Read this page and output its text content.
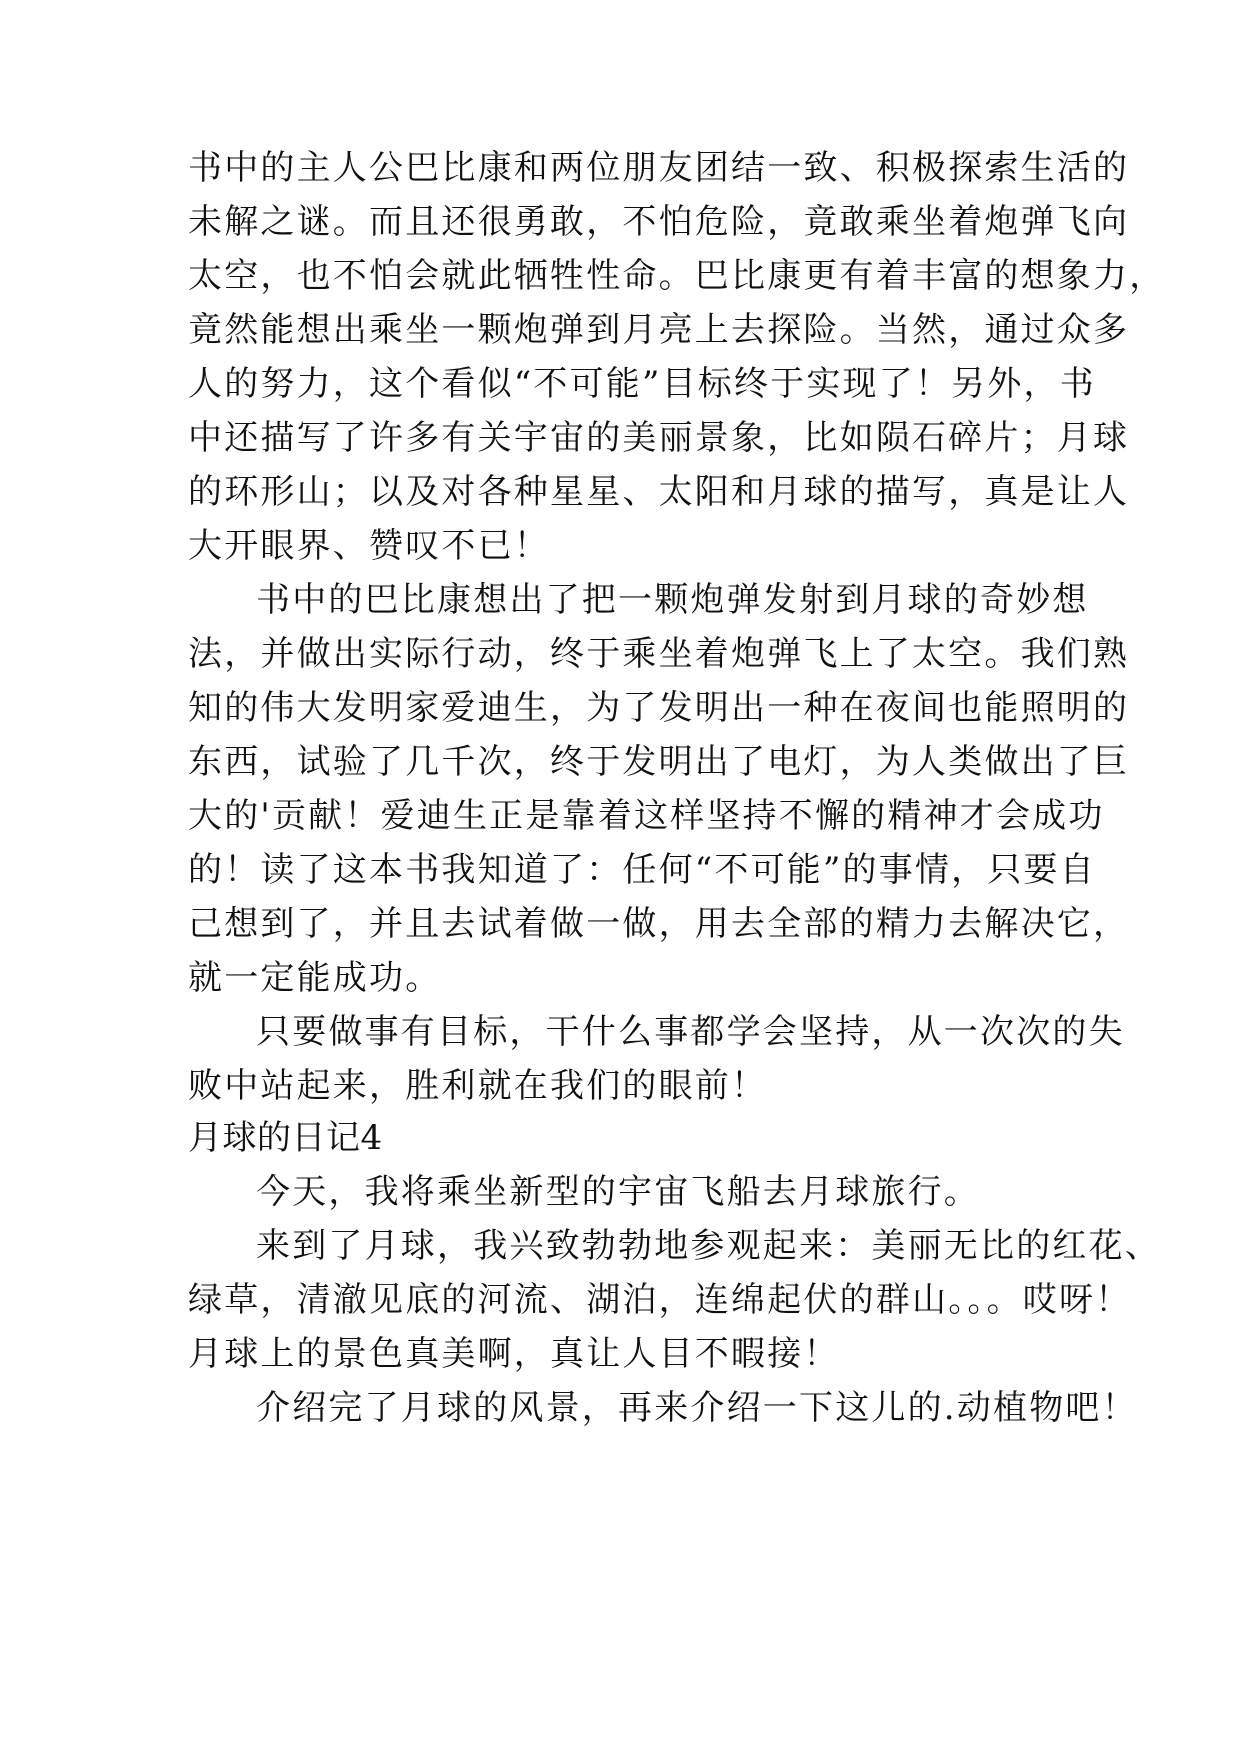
书中的主人公巴比康和两位朋友团结一致、积极探索生活的
未解之谜。而且还很勇敢，不怕危险，竟敢乘坐着炮弹飞向
太空，也不怕会就此牺牲性命。巴比康更有着丰富的想象力，
竟然能想出乘坐一颗炮弹到月亮上去探险。当然，通过众多
人的努力，这个看似“不可能”目标终于实现了！另外，书
中还描写了许多有关宇宙的美丽景象，比如陨石碎片；月球
的环形山；以及对各种星星、太阳和月球的描写，真是让人
大开眼界、赞叹不已！
书中的巴比康想出了把一颗炮弹发射到月球的奇妙想
法，并做出实际行动，终于乘坐着炮弹飞上了太空。我们熟
知的伟大发明家爱迪生，为了发明出一种在夜间也能照明的
东西，试验了几千次，终于发明出了电灯，为人类做出了巨
大的'贡献！爱迪生正是靠着这样坚持不懈的精神才会成功
的！读了这本书我知道了：任何“不可能”的事情，只要自
己想到了，并且去试着做一做，用去全部的精力去解决它，
就一定能成功。
只要做事有目标，干什么事都学会坚持，从一次次的失
败中站起来，胜利就在我们的眼前！
月球的日记4
今天，我将乘坐新型的宇宙飞船去月球旅行。
来到了月球，我兴致勃勃地参观起来：美丽无比的红花、
绿草，清澈见底的河流、湖泊，连绵起伏的群山。。。哎呀！
月球上的景色真美啊，真让人目不暇接！
介绍完了月球的风景，再来介绍一下这儿的.动植物吧！
